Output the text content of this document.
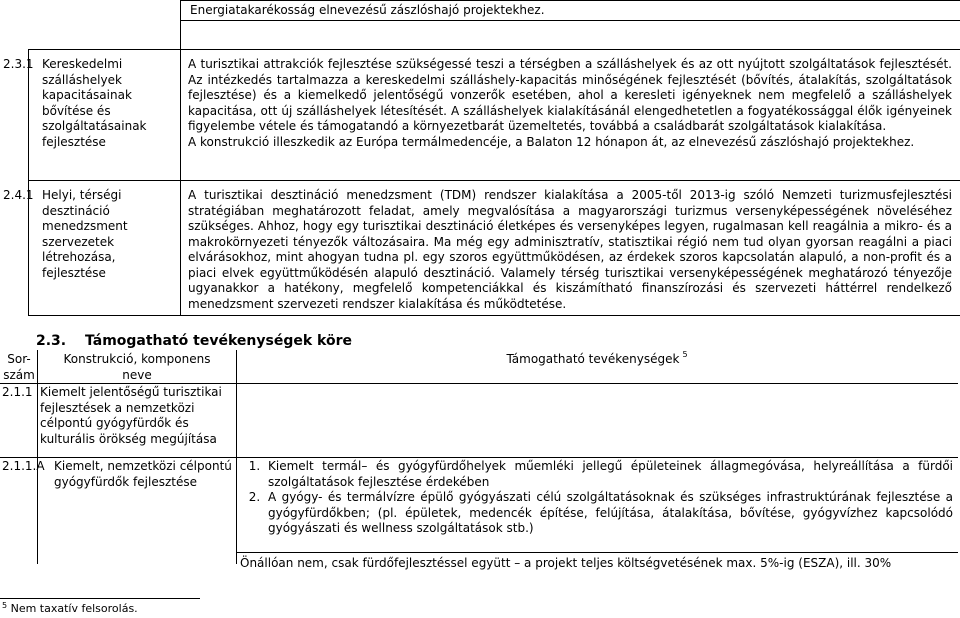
Energiatakarékosság elnevezésű zászlóshajó projektekhez.
2.3.1 Kereskedelmi szálláshelyek kapacitásainak bővítése és szolgáltatásainak fejlesztése
A turisztikai attrakciók fejlesztése szükségessé teszi a térségben a szálláshelyek és az ott nyújtott szolgáltatások fejlesztését. Az intézkedés tartalmazza a kereskedelmi szálláshely-kapacitás minőségének fejlesztését (bővítés, átalakítás, szolgáltatások fejlesztése) és a kiemelkedő jelentőségű vonzerők esetében, ahol a keresleti igényeknek nem megfelelő a szálláshelyek kapacitása, ott új szálláshelyek létesítését. A szálláshelyek kialakításánál elengedhetetlen a fogyatékossággal élők igényeinek figyelembe vétele és támogatandó a környezetbarát üzemeltetés, továbbá a családbarát szolgáltatások kialakítása.
A konstrukció illeszkedik az Európa termálmedencéje, a Balaton 12 hónapon át, az elnevezésű zászlóshajó projektekhez.
2.4.1 Helyi, térségi desztináció menedzsment szervezetek létrehozása, fejlesztése
A turisztikai desztináció menedzsment (TDM) rendszer kialakítása a 2005-től 2013-ig szóló Nemzeti turizmusfejlesztési stratégiában meghatározott feladat, amely megvalósítása a magyarországi turizmus versenyképességének növeléséhez szükséges. Ahhoz, hogy egy turisztikai desztináció életképes és versenyképes legyen, rugalmasan kell reagálnia a mikro- és a makrokörnyezeti tényezők változásaira. Ma még egy adminisztratív, statisztikai régió nem tud olyan gyorsan reagálni a piaci elvárásokhoz, mint ahogyan tudna pl. egy szoros együttműködésen, az érdekek szoros kapcsolatán alapuló, a non-profit és a piaci elvek együttműködésén alapuló desztináció. Valamely térség turisztikai versenyképességének meghatározó tényezője ugyanakkor a hatékony, megfelelő kompetenciákkal és kiszámítható finanszírozási és szervezeti háttérrel rendelkező menedzsment szervezeti rendszer kialakítása és működtetése.
2.3. Támogatható tevékenységek köre
Sor-
szám
Konstrukció, komponens
neve
Támogatható tevékenységek $^5$
2.1.1 Kiemelt jelentőségű turisztikai fejlesztések a nemzetközi célpontú gyógyfürdők és kulturális örökség megújítása
2.1.1.A Kiemelt, nemzetközi célpontú gyógyfürdők fejlesztése
1. Kiemelt termál– és gyógyfürdőhelyek műemléki jellegű épületeinek állagmegóvása, helyreállítása a fürdői szolgáltatások fejlesztése érdekében
2. A gyógy- és termálvízre épülő gyógyászati célú szolgáltatásoknak és szükséges infrastruktúrának fejlesztése a gyógyfürdőkben; (pl. épületek, medencék építése, felújítása, átalakítása, bővítése, gyógyvízhez kapcsolódó gyógyászati és wellness szolgáltatások stb.)
Önállóan nem, csak fürdőfejlesztéssel együtt – a projekt teljes költségvetésének max. 5%-ig (ESZA), ill. 30%
$^5$ Nem taxatív felsorolás.
